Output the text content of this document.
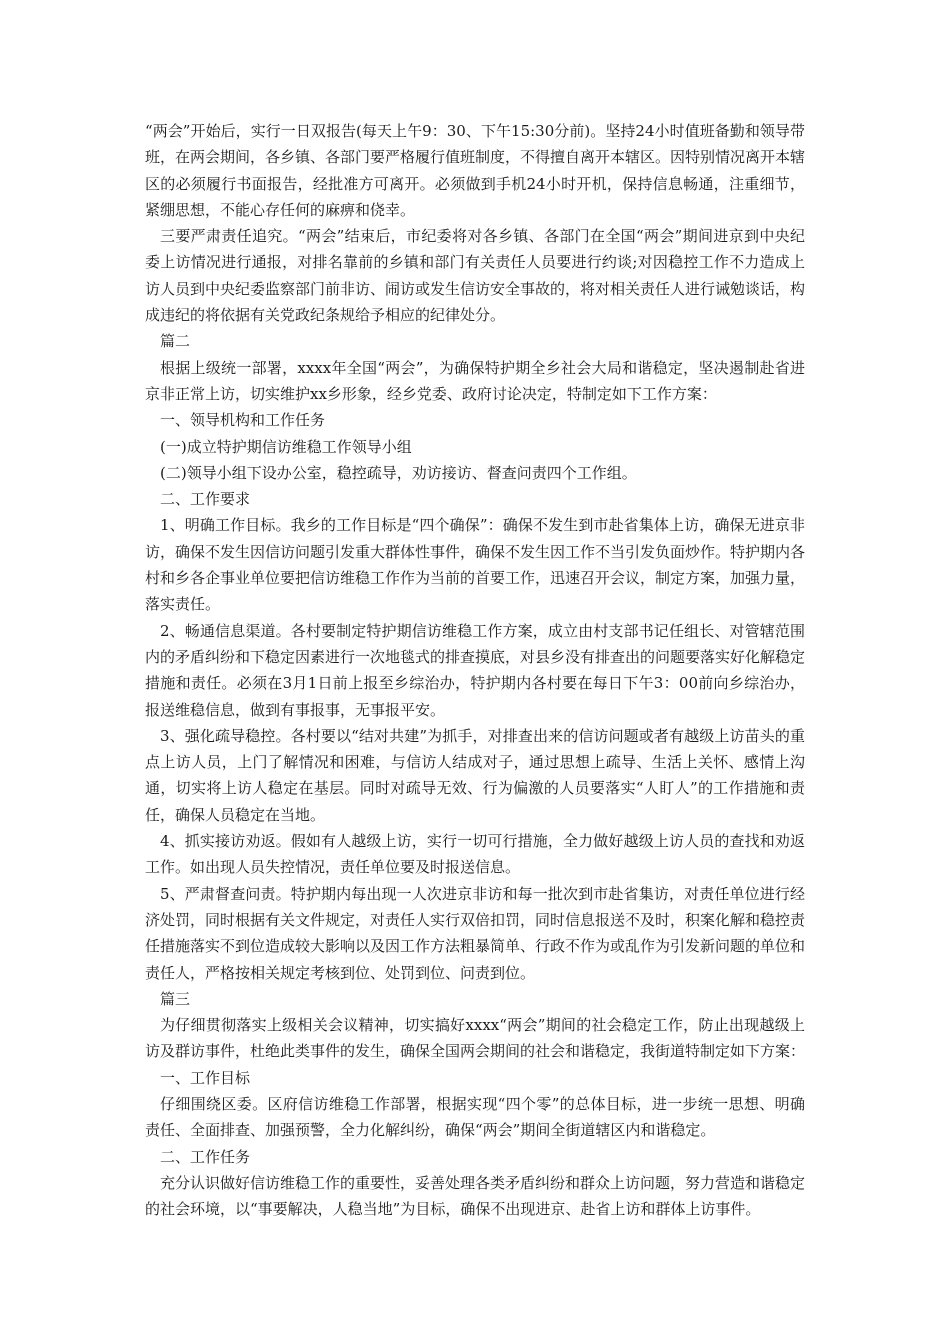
“两会”开始后，实行一日双报告(每天上午9：30、下午15:30分前)。坚持24小时值班备勤和领导带班，在两会期间，各乡镇、各部门要严格履行值班制度，不得擅自离开本辖区。因特别情况离开本辖区的必须履行书面报告，经批准方可离开。必须做到手机24小时开机，保持信息畅通，注重细节，紧绷思想，不能心存任何的麻痹和侥幸。

三要严肃责任追究。“两会”结束后，市纪委将对各乡镇、各部门在全国“两会”期间进京到中央纪委上访情况进行通报，对排名靠前的乡镇和部门有关责任人员要进行约谈;对因稳控工作不力造成上访人员到中央纪委监察部门前非访、闹访或发生信访安全事故的，将对相关责任人进行诫勉谈话，构成违纪的将依据有关党政纪条规给予相应的纪律处分。

篇二

根据上级统一部署，xxxx年全国“两会”，为确保特护期全乡社会大局和谐稳定，坚决遏制赴省进京非正常上访，切实维护xx乡形象，经乡党委、政府讨论决定，特制定如下工作方案：

一、领导机构和工作任务

(一)成立特护期信访维稳工作领导小组

(二)领导小组下设办公室，稳控疏导，劝访接访、督查问责四个工作组。

二、工作要求

1、明确工作目标。我乡的工作目标是“四个确保”：确保不发生到市赴省集体上访，确保无进京非访，确保不发生因信访问题引发重大群体性事件，确保不发生因工作不当引发负面炒作。特护期内各村和乡各企事业单位要把信访维稳工作作为当前的首要工作，迅速召开会议，制定方案，加强力量，落实责任。

2、畅通信息渠道。各村要制定特护期信访维稳工作方案，成立由村支部书记任组长、对管辖范围内的矛盾纠纷和下稳定因素进行一次地毯式的排查摸底，对县乡没有排查出的问题要落实好化解稳定措施和责任。必须在3月1日前上报至乡综治办，特护期内各村要在每日下午3：00前向乡综治办，报送维稳信息，做到有事报事，无事报平安。

3、强化疏导稳控。各村要以“结对共建”为抓手，对排查出来的信访问题或者有越级上访苗头的重点上访人员，上门了解情况和困难，与信访人结成对子，通过思想上疏导、生活上关怀、感情上沟通，切实将上访人稳定在基层。同时对疏导无效、行为偏激的人员要落实“人盯人”的工作措施和责任，确保人员稳定在当地。

4、抓实接访劝返。假如有人越级上访，实行一切可行措施，全力做好越级上访人员的查找和劝返工作。如出现人员失控情况，责任单位要及时报送信息。

5、严肃督查问责。特护期内每出现一人次进京非访和每一批次到市赴省集访，对责任单位进行经济处罚，同时根据有关文件规定，对责任人实行双倍扣罚，同时信息报送不及时，积案化解和稳控责任措施落实不到位造成较大影响以及因工作方法粗暴简单、行政不作为或乱作为引发新问题的单位和责任人，严格按相关规定考核到位、处罚到位、问责到位。

篇三

为仔细贯彻落实上级相关会议精神，切实搞好xxxx“两会”期间的社会稳定工作，防止出现越级上访及群访事件，杜绝此类事件的发生，确保全国两会期间的社会和谐稳定，我街道特制定如下方案：

一、工作目标

仔细围绕区委。区府信访维稳工作部署，根据实现“四个零”的总体目标，进一步统一思想、明确责任、全面排查、加强预警，全力化解纠纷，确保“两会”期间全街道辖区内和谐稳定。

二、工作任务

充分认识做好信访维稳工作的重要性，妥善处理各类矛盾纠纷和群众上访问题，努力营造和谐稳定的社会环境，以“事要解决，人稳当地”为目标，确保不出现进京、赴省上访和群体上访事件。
